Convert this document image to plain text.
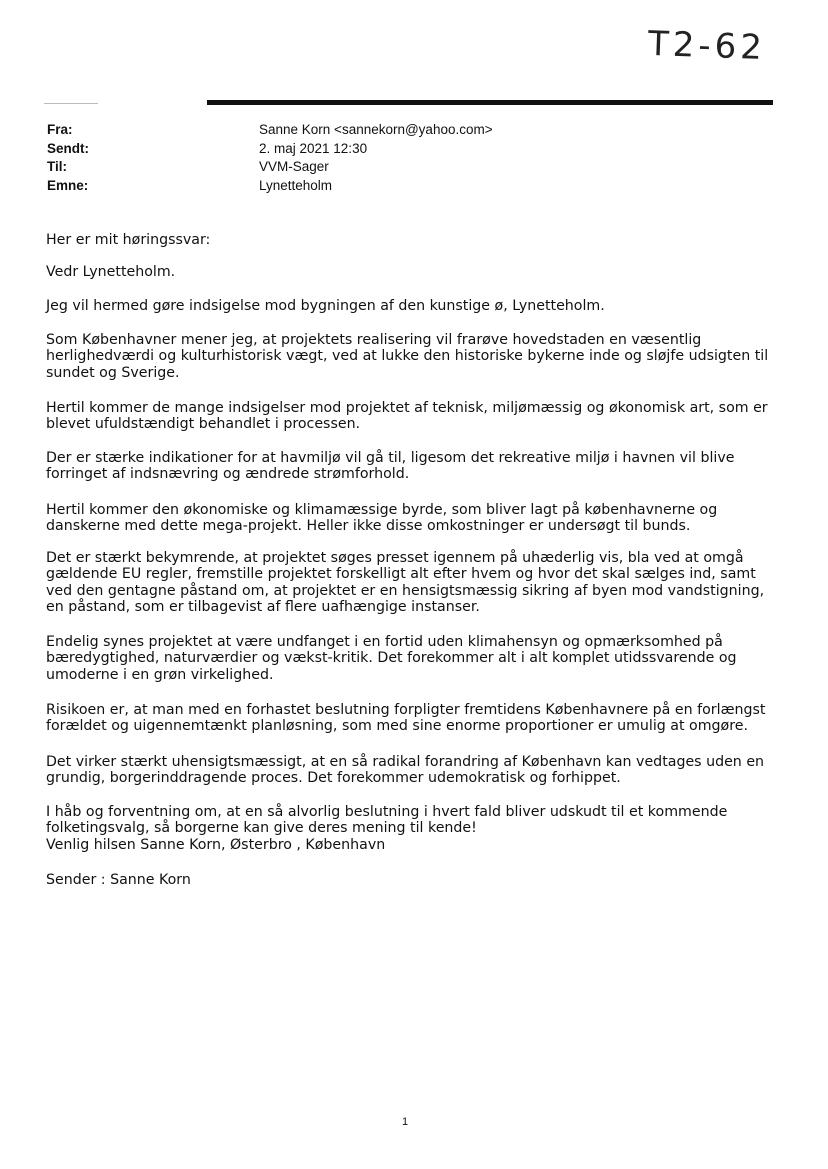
T2-62
Fra:	Sanne Korn <sannekorn@yahoo.com>
Sendt:	2. maj 2021 12:30
Til:	VVM-Sager
Emne:	Lynetteholm

Her er mit høringssvar:

Vedr Lynetteholm.

Jeg vil hermed gøre indsigelse mod bygningen af den kunstige ø, Lynetteholm.

Som Københavner mener jeg, at projektets realisering vil frarøve hovedstaden en væsentlig

herlighedværdi og kulturhistorisk vægt, ved at lukke den historiske bykerne inde og sløjfe udsigten til

sundet og Sverige.

Hertil kommer de mange indsigelser mod projektet af teknisk, miljømæssig og økonomisk art, som er

blevet ufuldstændigt behandlet i processen.

Der er stærke indikationer for at havmiljø vil gå til, ligesom det rekreative miljø i havnen vil blive

forringet af indsnævring og ændrede strømforhold.

Hertil kommer den økonomiske og klimamæssige byrde, som bliver lagt på københavnerne og

danskerne med dette mega-projekt. Heller ikke disse omkostninger er undersøgt til bunds.

Det er stærkt bekymrende, at projektet søges presset igennem på uhæderlig vis, bla ved at omgå

gældende EU regler, fremstille projektet forskelligt alt efter hvem og hvor det skal sælges ind, samt

ved den gentagne påstand om, at projektet er en hensigtsmæssig sikring af byen mod vandstigning,

en påstand, som er tilbagevist af flere uafhængige instanser.

Endelig synes projektet at være undfanget i en fortid uden klimahensyn og opmærksomhed på

bæredygtighed, naturværdier og vækst-kritik. Det forekommer alt i alt komplet utidssvarende og

umoderne i en grøn virkelighed.

Risikoen er, at man med en forhastet beslutning forpligter fremtidens Københavnere på en forlængst

forældet og uigennemtænkt planløsning, som med sine enorme proportioner er umulig at omgøre.

Det virker stærkt uhensigtsmæssigt, at en så radikal forandring af København kan vedtages uden en

grundig, borgerinddragende proces. Det forekommer udemokratisk og forhippet.

I håb og forventning om, at en så alvorlig beslutning i hvert fald bliver udskudt til et kommende

folketingsvalg, så borgerne kan give deres mening til kende!

Venlig hilsen Sanne Korn, Østerbro , København

Sender : Sanne Korn

1
